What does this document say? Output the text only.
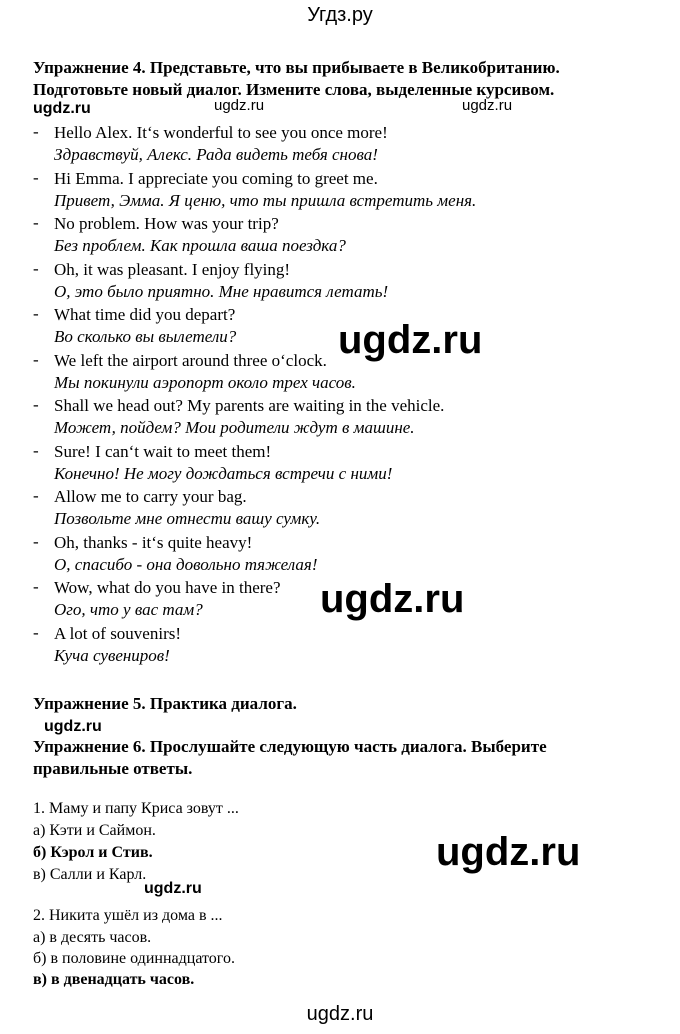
Угдз.ру
Упражнение 4. Представьте, что вы прибываете в Великобританию.
Подготовьте новый диалог. Измените слова, выделенные курсивом.
ugdz.ru	ugdz.ru	ugdz.ru
- Hello Alex. It‘s wonderful to see you once more!
Здравствуй, Алекс. Рада видеть тебя снова!
- Hi Emma. I appreciate you coming to greet me.
Привет, Эмма. Я ценю, что ты пришла встретить меня.
- No problem. How was your trip?
Без проблем. Как прошла ваша поездка?
- Oh, it was pleasant. I enjoy flying!
О, это было приятно. Мне нравится летать!
- What time did you depart?
Во сколько вы вылетели?
- We left the airport around three o‘clock.
Мы покинули аэропорт около трех часов.
- Shall we head out? My parents are waiting in the vehicle.
Может, пойдем? Мои родители ждут в машине.
- Sure! I can‘t wait to meet them!
Конечно! Не могу дождаться встречи с ними!
- Allow me to carry your bag.
Позвольте мне отнести вашу сумку.
- Oh, thanks - it‘s quite heavy!
О, спасибо - она довольно тяжелая!
- Wow, what do you have in there?
Ого, что у вас там?
- A lot of souvenirs!
Куча сувениров!
ugdz.ru
ugdz.ru
ugdz.ru
Упражнение 5. Практика диалога.
ugdz.ru
Упражнение 6. Прослушайте следующую часть диалога. Выберите
правильные ответы.
1. Маму и папу Криса зовут ...
а) Кэти и Саймон.
б) Кэрол и Стив.
в) Салли и Карл.
ugdz.ru
2. Никита ушёл из дома в ...
а) в десять часов.
б) в половине одиннадцатого.
в) в двенадцать часов.
ugdz.ru
